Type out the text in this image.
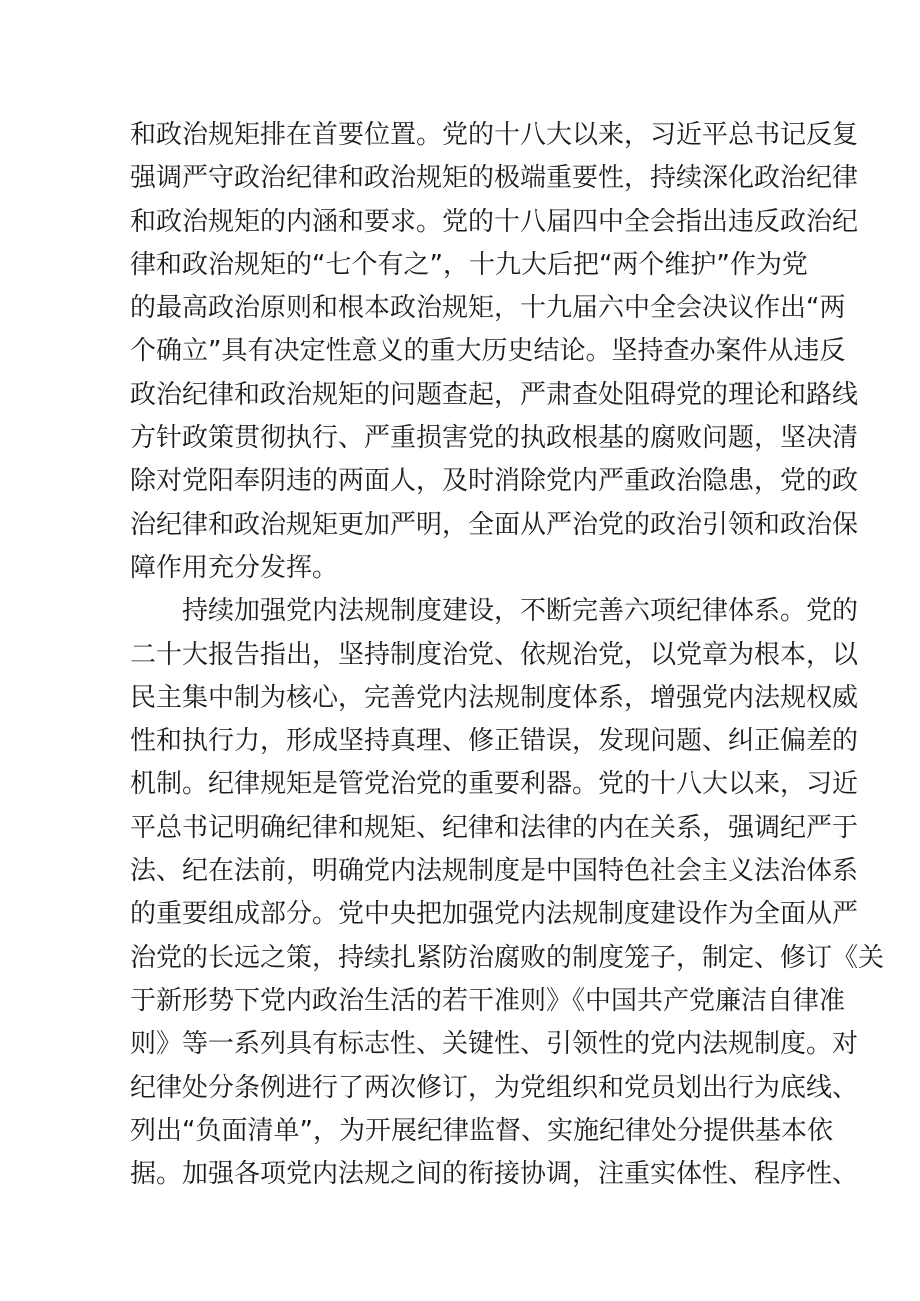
和政治规矩排在首要位置。党的十八大以来，习近平总书记反复
强调严守政治纪律和政治规矩的极端重要性，持续深化政治纪律
和政治规矩的内涵和要求。党的十八届四中全会指出违反政治纪
律和政治规矩的“七个有之”，十九大后把“两个维护”作为党
的最高政治原则和根本政治规矩，十九届六中全会决议作出“两
个确立”具有决定性意义的重大历史结论。坚持查办案件从违反
政治纪律和政治规矩的问题查起，严肃查处阻碍党的理论和路线
方针政策贯彻执行、严重损害党的执政根基的腐败问题，坚决清
除对党阳奉阴违的两面人，及时消除党内严重政治隐患，党的政
治纪律和政治规矩更加严明，全面从严治党的政治引领和政治保
障作用充分发挥。
　　持续加强党内法规制度建设，不断完善六项纪律体系。党的
二十大报告指出，坚持制度治党、依规治党，以党章为根本，以
民主集中制为核心，完善党内法规制度体系，增强党内法规权威
性和执行力，形成坚持真理、修正错误，发现问题、纠正偏差的
机制。纪律规矩是管党治党的重要利器。党的十八大以来，习近
平总书记明确纪律和规矩、纪律和法律的内在关系，强调纪严于
法、纪在法前，明确党内法规制度是中国特色社会主义法治体系
的重要组成部分。党中央把加强党内法规制度建设作为全面从严
治党的长远之策，持续扎紧防治腐败的制度笼子，制定、修订《关
于新形势下党内政治生活的若干准则》《中国共产党廉洁自律准
则》等一系列具有标志性、关键性、引领性的党内法规制度。对
纪律处分条例进行了两次修订，为党组织和党员划出行为底线、
列出“负面清单”，为开展纪律监督、实施纪律处分提供基本依
据。加强各项党内法规之间的衔接协调，注重实体性、程序性、
